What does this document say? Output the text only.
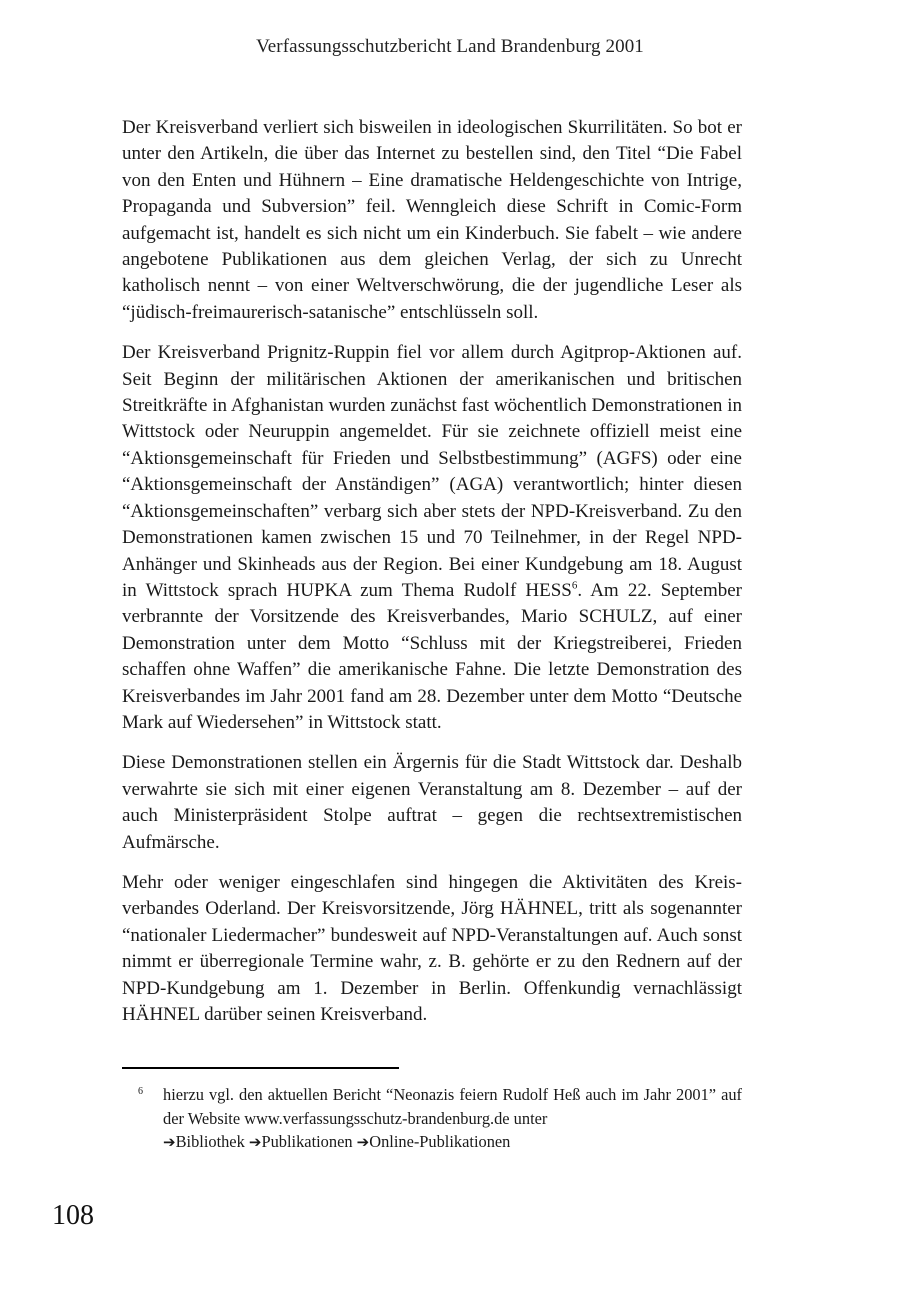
Verfassungsschutzbericht Land Brandenburg 2001

Der Kreisverband verliert sich bisweilen in ideologischen Skurrilitäten. So bot er unter den Artikeln, die über das Internet zu bestellen sind, den Titel “Die Fabel von den Enten und Hühnern – Eine dramatische Heldengeschichte von Intrige, Propaganda und Subversion” feil. Wenngleich diese Schrift in Comic-Form aufgemacht ist, handelt es sich nicht um ein Kinderbuch. Sie fabelt – wie andere angebotene Publikationen aus dem gleichen Verlag, der sich zu Unrecht katholisch nennt – von einer Weltverschwörung, die der jugendliche Leser als “jüdisch-freimaurerisch-satanische” entschlüsseln soll.

Der Kreisverband Prignitz-Ruppin fiel vor allem durch Agitprop-Aktionen auf. Seit Beginn der militärischen Aktionen der amerikanischen und britischen Streitkräfte in Afghanistan wurden zunächst fast wöchentlich Demonstrationen in Wittstock oder Neuruppin angemeldet. Für sie zeichnete offiziell meist eine “Aktionsgemeinschaft für Frieden und Selbstbestimmung” (AGFS) oder eine “Aktionsgemeinschaft der Anständigen” (AGA) verantwortlich; hinter diesen “Aktionsgemeinschaften” verbarg sich aber stets der NPD-Kreisverband. Zu den Demonstrationen kamen zwischen 15 und 70 Teilnehmer, in der Regel NPD-Anhänger und Skinheads aus der Region. Bei einer Kundgebung am 18. August in Wittstock sprach HUPKA zum Thema Rudolf HESS$^6$. Am 22. September verbrannte der Vorsitzende des Kreisverbandes, Mario SCHULZ, auf einer Demonstration unter dem Motto “Schluss mit der Kriegstreiberei, Frieden schaffen ohne Waffen” die amerikanische Fahne. Die letzte Demonstration des Kreisverbandes im Jahr 2001 fand am 28. Dezember unter dem Motto “Deutsche Mark auf Wiedersehen” in Wittstock statt.

Diese Demonstrationen stellen ein Ärgernis für die Stadt Wittstock dar. Deshalb verwahrte sie sich mit einer eigenen Veranstaltung am 8. Dezember – auf der auch Ministerpräsident Stolpe auftrat – gegen die rechtsextremistischen Aufmärsche.

Mehr oder weniger eingeschlafen sind hingegen die Aktivitäten des Kreisverbandes Oderland. Der Kreisvorsitzende, Jörg HÄHNEL, tritt als sogenannter “nationaler Liedermacher” bundesweit auf NPD-Veranstaltungen auf. Auch sonst nimmt er überregionale Termine wahr, z. B. gehörte er zu den Rednern auf der NPD-Kundgebung am 1. Dezember in Berlin. Offenkundig vernachlässigt HÄHNEL darüber seinen Kreisverband.

6 hierzu vgl. den aktuellen Bericht “Neonazis feiern Rudolf Heß auch im Jahr 2001” auf der Website www.verfassungsschutz-brandenburg.de unter
➔Bibliothek ➔Publikationen ➔Online-Publikationen
108
